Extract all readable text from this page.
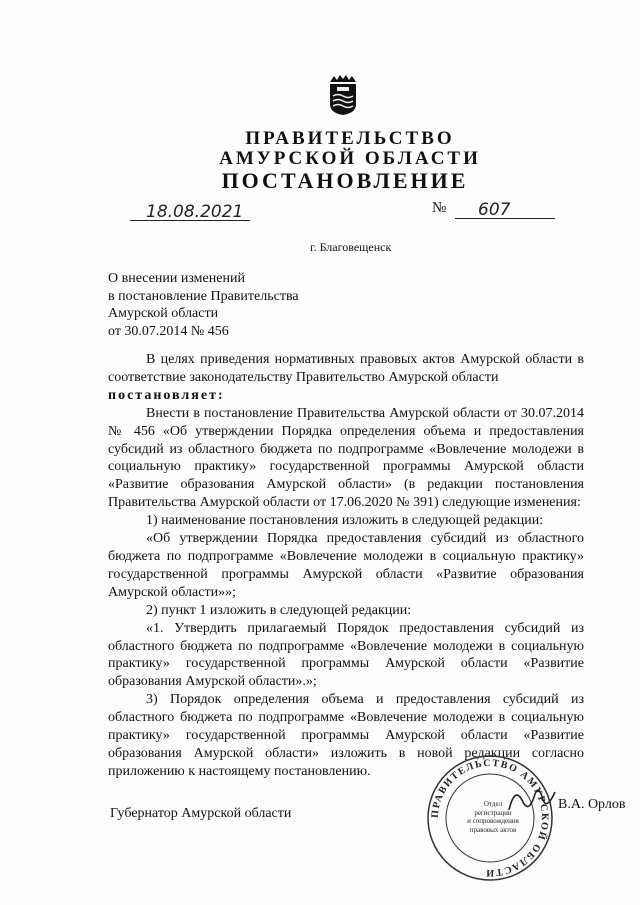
ПРАВИТЕЛЬСТВО
АМУРСКОЙ ОБЛАСТИ
ПОСТАНОВЛЕНИЕ
18.08.2021	№ 607
г. Благовещенск
О внесении изменений
в постановление Правительства
Амурской области
от 30.07.2014 № 456

В целях приведения нормативных правовых актов Амурской области в соответствие законодательству Правительство Амурской области

постановляет:

Внести в постановление Правительства Амурской области от 30.07.2014 № 456 «Об утверждении Порядка определения объема и предоставления субсидий из областного бюджета по подпрограмме «Вовлечение молодежи в социальную практику» государственной программы Амурской области «Развитие образования Амурской области» (в редакции постановления Правительства Амурской области от 17.06.2020 № 391) следующие изменения:

1) наименование постановления изложить в следующей редакции:

«Об утверждении Порядка предоставления субсидий из областного бюджета по подпрограмме «Вовлечение молодежи в социальную практику» государственной программы Амурской области «Развитие образования Амурской области»»;

2) пункт 1 изложить в следующей редакции:

«1. Утвердить прилагаемый Порядок предоставления субсидий из областного бюджета по подпрограмме «Вовлечение молодежи в социальную практику» государственной программы Амурской области «Развитие образования Амурской области».»;

3) Порядок определения объема и предоставления субсидий из областного бюджета по подпрограмме «Вовлечение молодежи в социальную практику» государственной программы Амурской области «Развитие образования Амурской области» изложить в новой редакции согласно приложению к настоящему постановлению.

Губернатор Амурской области	ПРАВИТЕЛЬСТВО АМУРСКОЙ ОБЛАСТИ
Отдел
регистрации
и сопровождения
правовых актов
В.А. Орлов
